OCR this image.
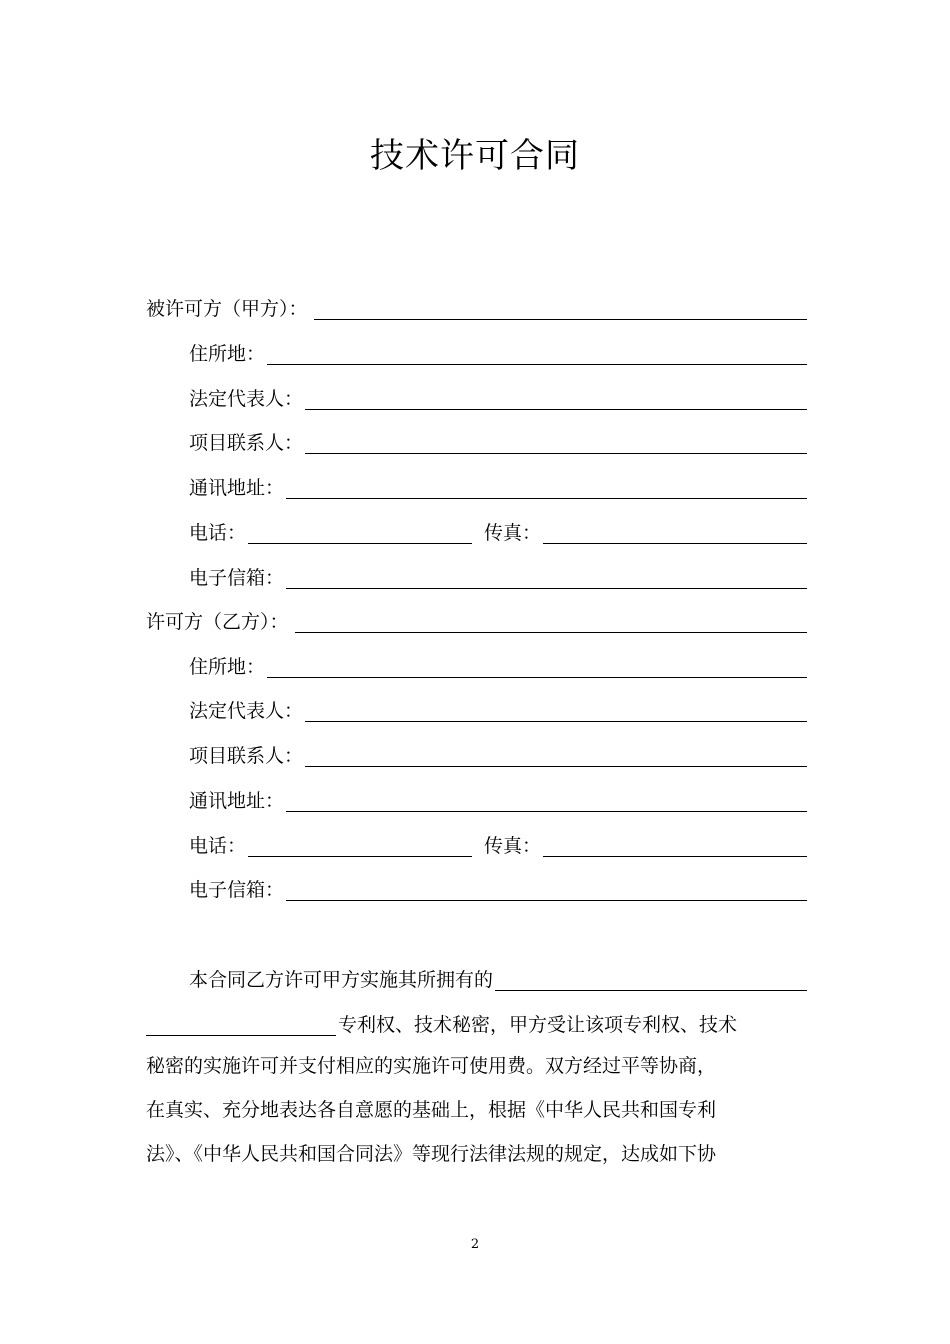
技术许可合同
被许可方（甲方）：
住所地：
法定代表人：
项目联系人：
通讯地址：
电话：	传真：
电子信箱：
许可方（乙方）：
住所地：
法定代表人：
项目联系人：
通讯地址：
电话：	传真：
电子信箱：
本合同乙方许可甲方实施其所拥有的
专利权、技术秘密，甲方受让该项专利权、技术
秘密的实施许可并支付相应的实施许可使用费。双方经过平等协商，
在真实、充分地表达各自意愿的基础上，根据《中华人民共和国专利
法》、《中华人民共和国合同法》等现行法律法规的规定，达成如下协
2
